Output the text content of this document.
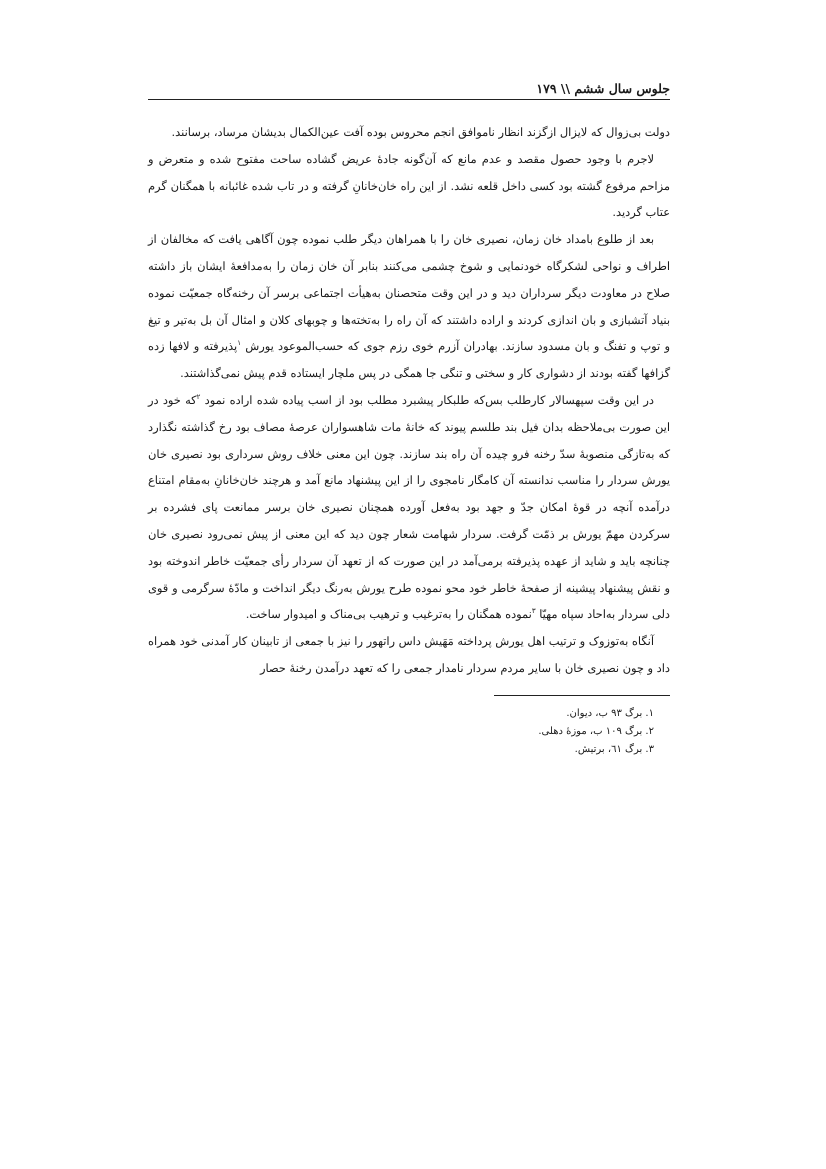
جلوس سال ششم \\ ۱۷۹

دولت بی‌زوال که لایزال ازگزند انظار ناموافق انجم محروس بوده آفت عین‌الکمال بدیشان مرساد، برسانند.

لاجرم با وجود حصول مقصد و عدم مانع که آن‌گونه جادهٔ عریض گشاده ساحت مفتوح شده و متعرض و مزاحم مرفوع گشته بود کسی داخل قلعه نشد. از این راه خان‌خانانِ گرفته و در تاب شده غائبانه با همگنان گرم عتاب گردید.

بعد از طلوع بامداد خان زمان، نصیری خان را با همراهان دیگر طلب نموده چون آگاهی یافت که مخالفان از اطراف و نواحی لشکرگاه خودنمایی و شوخ چشمی می‌کنند بنابر آن خان زمان را به‌مدافعهٔ ایشان باز داشته صلاح در معاودت دیگر سرداران دید و در این وقت متحصنان به‌هیأت اجتماعی برسر آن رخنه‌گاه جمعیّت نموده بنیاد آتشبازی و بان اندازی کردند و اراده داشتند که آن راه را به‌تخته‌ها و چوبهای کلان و امثال آن بل به‌تیر و تیغ و توپ و تفنگ و بان مسدود سازند. بهادران آزرم خوی رزم جوی که حسب‌الموعود یورش $^۱$پذیرفته و لافها زده گزافها گفته بودند از دشواری کار و سختی و تنگی جا همگی در پس ملچار ایستاده قدم پیش نمی‌گذاشتند.

در این وقت سپهسالار کارطلب بس‌که طلبکار پیشبرد مطلب بود از اسب پیاده شده اراده نمود $^۲$که خود در این صورت بی‌ملاحظه بدان فیل بند طلسم پیوند که خانهٔ مات شاهسواران عرصهٔ مصاف بود رخ گذاشته نگذارد که به‌تازگی منصوبهٔ سدّ رخنه فرو چیده آن راه بند سازند. چون این معنی خلاف روش سرداری بود نصیری خان یورش سردار را مناسب ندانسته آن کامگار نامجوی را از این پیشنهاد مانع آمد و هرچند خان‌خانانِ به‌مقام امتناع درآمده آنچه در قوهٔ امکان جدّ و جهد بود به‌فعل آورده همچنان نصیری خان برسر ممانعت پای فشرده بر سرکردن مهمّ یورش بر ذمّت گرفت. سردار شهامت شعار چون دید که این معنی از پیش نمی‌رود نصیری خان چنانچه باید و شاید از عهده پذیرفته برمی‌آمد در این صورت که از تعهد آن سردار رأی جمعیّت خاطر اندوخته بود و نقش پیشنهاد پیشینه از صفحهٔ خاطر خود محو نموده طرح یورش به‌رنگ دیگر انداخت و مادّهٔ سرگرمی و قوی دلی سردار به‌احاد سپاه مهیّا $^۳$نموده همگنان را به‌ترغیب و ترهیب بی‌مناک و امیدوار ساخت.

آنگاه به‌توزوک و ترتیب اهل یورش پرداخته مَهَیش داس راتهور را نیز با جمعی از تابینان کار آمدنی خود همراه داد و چون نصیری خان با سایر مردم سردار نامدار جمعی را که تعهد درآمدن رخنهٔ حصار

۱. برگ ۹۳ ب، دیوان.

۲. برگ ۱۰۹ ب، موزهٔ دهلی.

۳. برگ ٦١، برتیش.
